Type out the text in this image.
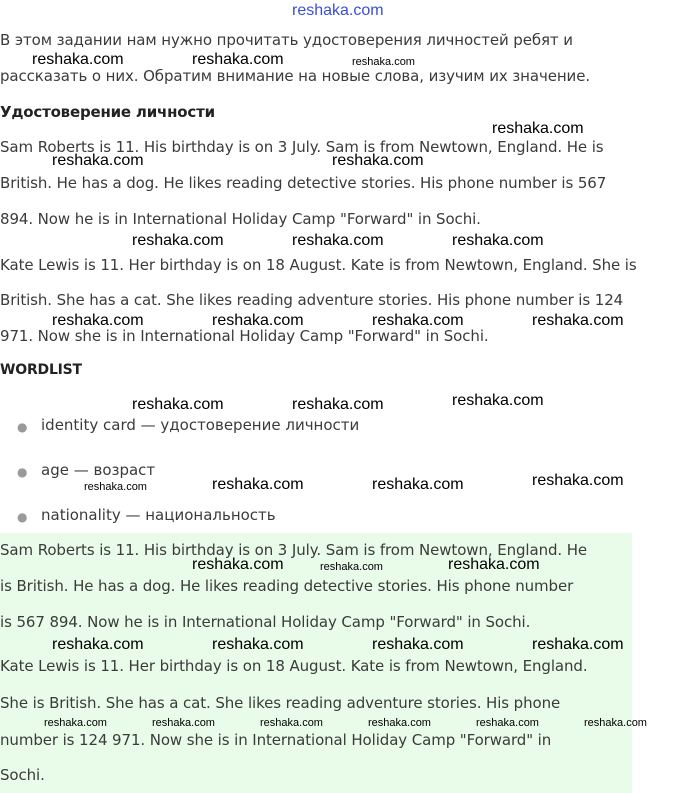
reshaka.com
В этом задании нам нужно прочитать удостоверения личностей ребят и
рассказать о них. Обратим внимание на новые слова, изучим их значение.
Удостоверение личности
Sam Roberts is 11. His birthday is on 3 July. Sam is from Newtown, England. He is
British. He has a dog. He likes reading detective stories. His phone number is 567
894. Now he is in International Holiday Camp "Forward" in Sochi.
Kate Lewis is 11. Her birthday is on 18 August. Kate is from Newtown, England. She is
British. She has a cat. She likes reading adventure stories. His phone number is 124
971. Now she is in International Holiday Camp "Forward" in Sochi.
WORDLIST
● identity card — удостоверение личности
● age — возраст
● nationality — национальность
Sam Roberts is 11. His birthday is on 3 July. Sam is from Newtown, England. He
is British. He has a dog. He likes reading detective stories. His phone number
is 567 894. Now he is in International Holiday Camp "Forward" in Sochi.
Kate Lewis is 11. Her birthday is on 18 August. Kate is from Newtown, England.
She is British. She has a cat. She likes reading adventure stories. His phone
number is 124 971. Now she is in International Holiday Camp "Forward" in
Sochi.
reshaka.com	reshaka.com	reshaka.com
reshaka.com
reshaka.com	reshaka.com
reshaka.com	reshaka.com	reshaka.com
reshaka.com	reshaka.com	reshaka.com	reshaka.com
reshaka.com	reshaka.com	reshaka.com
reshaka.com	reshaka.com	reshaka.com	reshaka.com
reshaka.com	reshaka.com	reshaka.com
reshaka.com	reshaka.com	reshaka.com	reshaka.com
reshaka.com	reshaka.com	reshaka.com	reshaka.com	reshaka.com	reshaka.com
